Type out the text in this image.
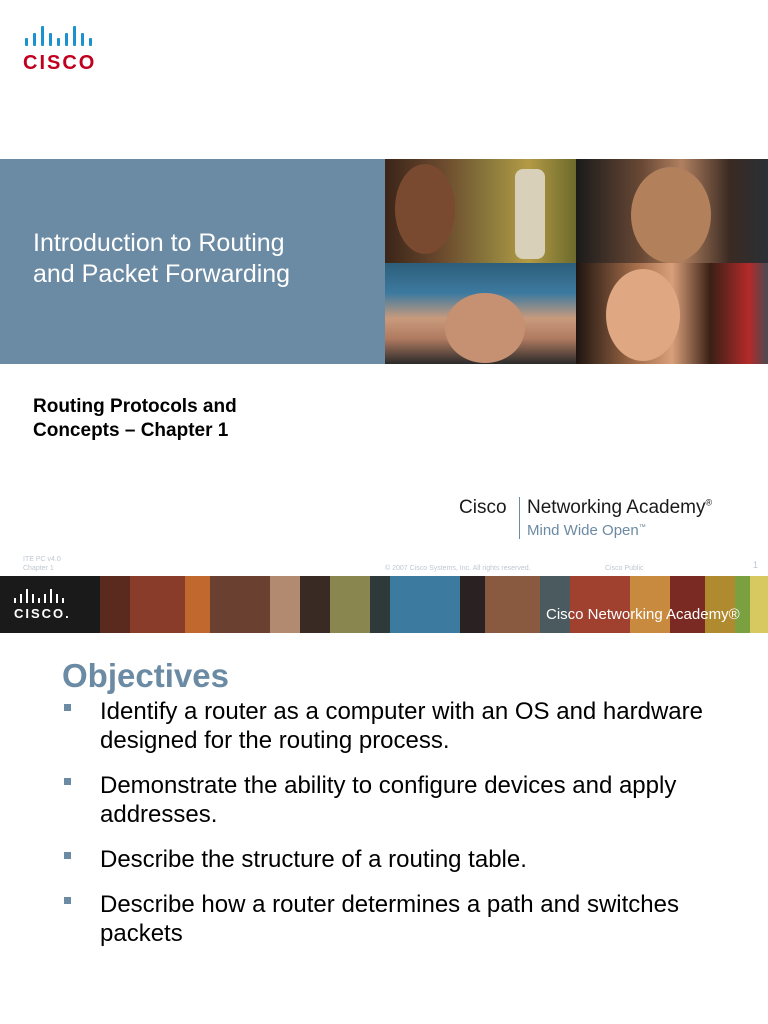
CISCO
Introduction to Routing
and Packet Forwarding
Routing Protocols and
Concepts – Chapter 1
Cisco Networking Academy®
Mind Wide Open™
ITE PC v4.0
Chapter 1	© 2007 Cisco Systems, Inc. All rights reserved.	Cisco Public	1
CISCO.	Cisco Networking Academy®
Objectives
Identify a router as a computer with an OS and hardware designed for the routing process.
Demonstrate the ability to configure devices and apply addresses.
Describe the structure of a routing table.
Describe how a router determines a path and switches packets
